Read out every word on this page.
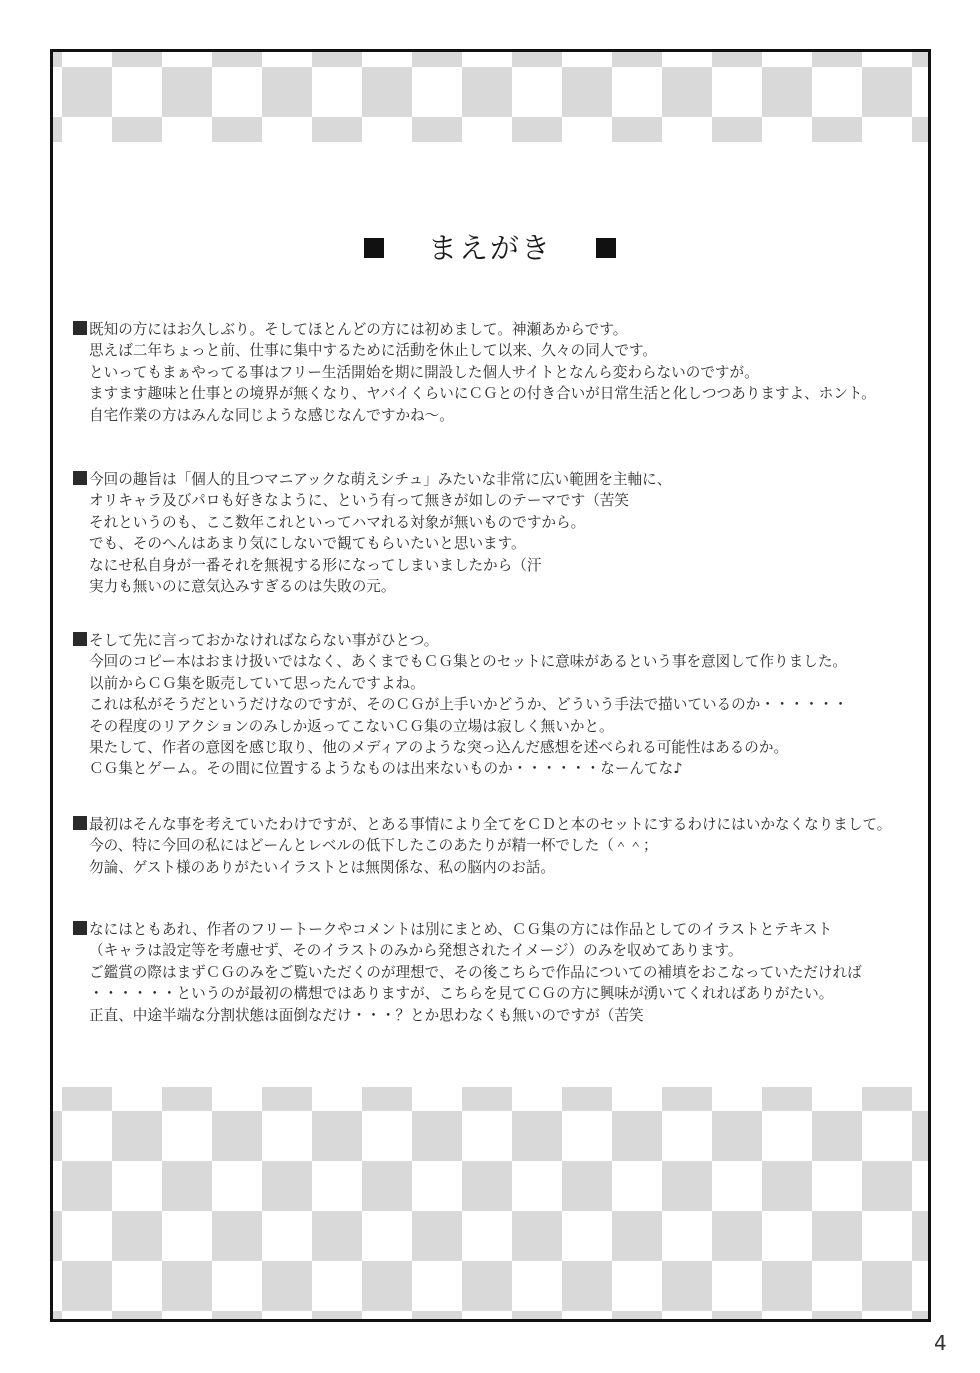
まえがき
既知の方にはお久しぶり。そしてほとんどの方には初めまして。神瀬あからです。
思えば二年ちょっと前、仕事に集中するために活動を休止して以来、久々の同人です。
といってもまぁやってる事はフリー生活開始を期に開設した個人サイトとなんら変わらないのですが。
ますます趣味と仕事との境界が無くなり、ヤバイくらいにＣＧとの付き合いが日常生活と化しつつありますよ、ホント。
自宅作業の方はみんな同じような感じなんですかね～。
今回の趣旨は「個人的且つマニアックな萌えシチュ」みたいな非常に広い範囲を主軸に、
オリキャラ及びパロも好きなように、という有って無きが如しのテーマです（苦笑
それというのも、ここ数年これといってハマれる対象が無いものですから。
でも、そのへんはあまり気にしないで観てもらいたいと思います。
なにせ私自身が一番それを無視する形になってしまいましたから（汗
実力も無いのに意気込みすぎるのは失敗の元。
そして先に言っておかなければならない事がひとつ。
今回のコピー本はおまけ扱いではなく、あくまでもＣＧ集とのセットに意味があるという事を意図して作りました。
以前からＣＧ集を販売していて思ったんですよね。
これは私がそうだというだけなのですが、そのＣＧが上手いかどうか、どういう手法で描いているのか・・・・・・
その程度のリアクションのみしか返ってこないＣＧ集の立場は寂しく無いかと。
果たして、作者の意図を感じ取り、他のメディアのような突っ込んだ感想を述べられる可能性はあるのか。
ＣＧ集とゲーム。その間に位置するようなものは出来ないものか・・・・・・なーんてな♪
最初はそんな事を考えていたわけですが、とある事情により全てをＣＤと本のセットにするわけにはいかなくなりまして。
今の、特に今回の私にはどーんとレベルの低下したこのあたりが精一杯でした（＾＾；
勿論、ゲスト様のありがたいイラストとは無関係な、私の脳内のお話。
なにはともあれ、作者のフリートークやコメントは別にまとめ、ＣＧ集の方には作品としてのイラストとテキスト
（キャラは設定等を考慮せず、そのイラストのみから発想されたイメージ）のみを収めてあります。
ご鑑賞の際はまずＣＧのみをご覧いただくのが理想で、その後こちらで作品についての補填をおこなっていただければ
・・・・・・というのが最初の構想ではありますが、こちらを見てＣＧの方に興味が湧いてくれればありがたい。
正直、中途半端な分割状態は面倒なだけ・・・？とか思わなくも無いのですが（苦笑
4
